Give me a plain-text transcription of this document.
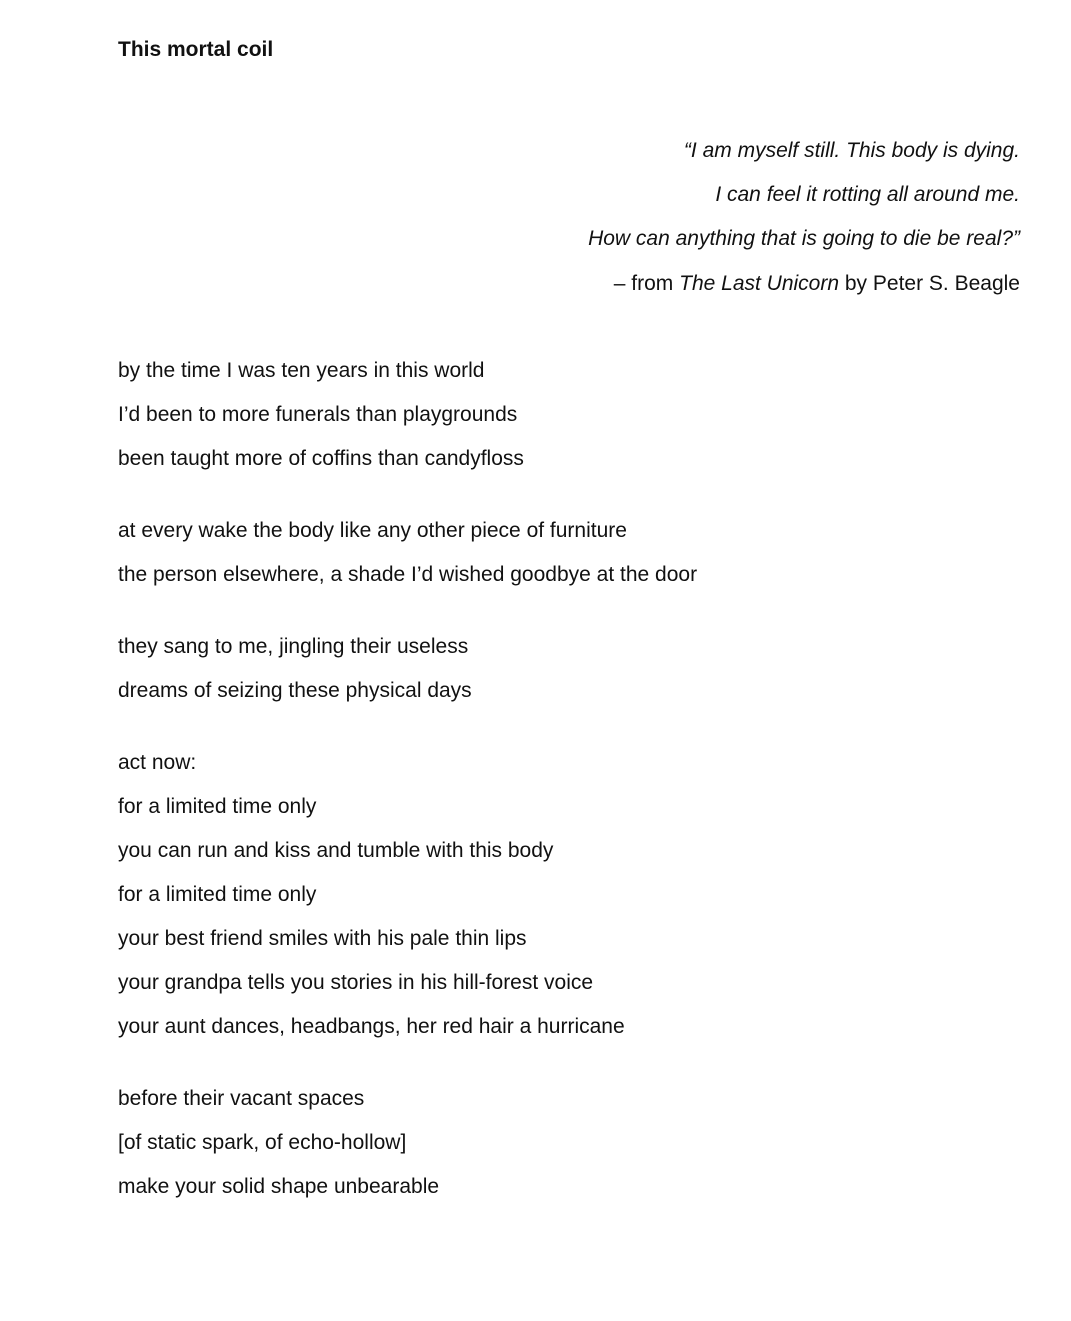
This mortal coil
“I am myself still. This body is dying.
I can feel it rotting all around me.
How can anything that is going to die be real?”
– from The Last Unicorn by Peter S. Beagle
by the time I was ten years in this world
I’d been to more funerals than playgrounds
been taught more of coffins than candyfloss
at every wake the body like any other piece of furniture
the person elsewhere, a shade I’d wished goodbye at the door
they sang to me, jingling their useless
dreams of seizing these physical days
act now:
for a limited time only
you can run and kiss and tumble with this body
for a limited time only
your best friend smiles with his pale thin lips
your grandpa tells you stories in his hill-forest voice
your aunt dances, headbangs, her red hair a hurricane
before their vacant spaces
[of static spark, of echo-hollow]
make your solid shape unbearable
